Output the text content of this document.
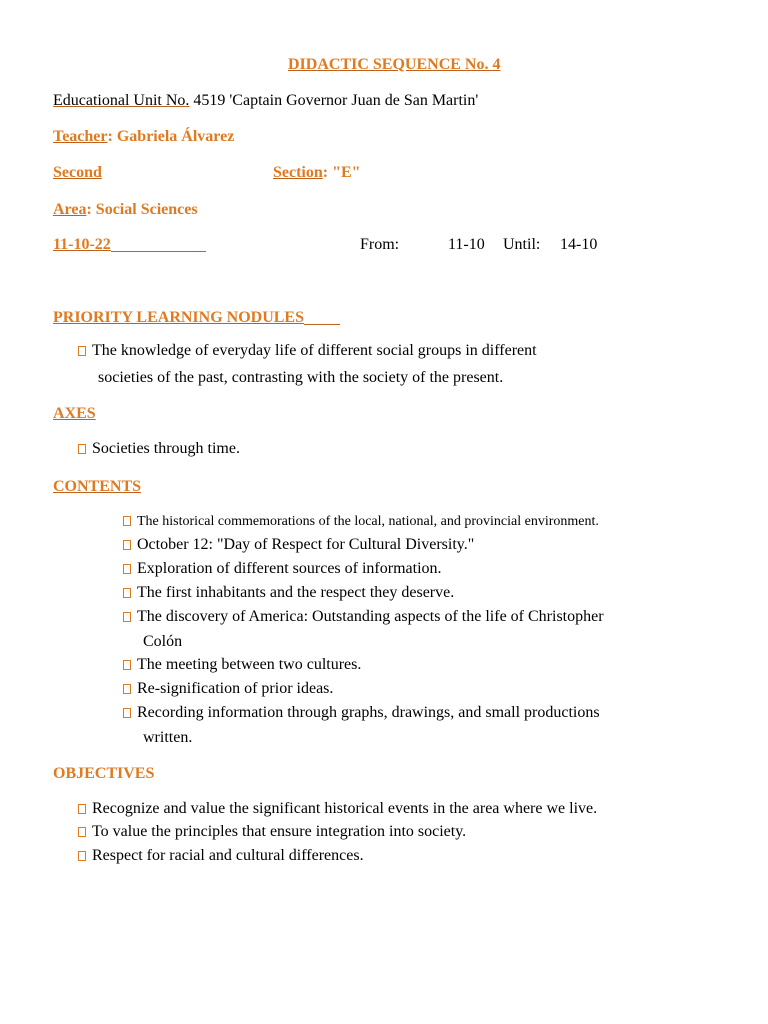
DIDACTIC SEQUENCE No. 4
Educational Unit No. 4519 'Captain Governor Juan de San Martin'
Teacher: Gabriela Álvarez
Second	Section: "E"
Area: Social Sciences
11-10-22	From:	11-10 Until: 14-10
PRIORITY LEARNING NODULES
The knowledge of everyday life of different social groups in different
societies of the past, contrasting with the society of the present.
AXES
Societies through time.
CONTENTS
The historical commemorations of the local, national, and provincial environment.
October 12: "Day of Respect for Cultural Diversity."
Exploration of different sources of information.
The first inhabitants and the respect they deserve.
The discovery of America: Outstanding aspects of the life of Christopher
Colón
The meeting between two cultures.
Re-signification of prior ideas.
Recording information through graphs, drawings, and small productions
written.
OBJECTIVES
Recognize and value the significant historical events in the area where we live.
To value the principles that ensure integration into society.
Respect for racial and cultural differences.
